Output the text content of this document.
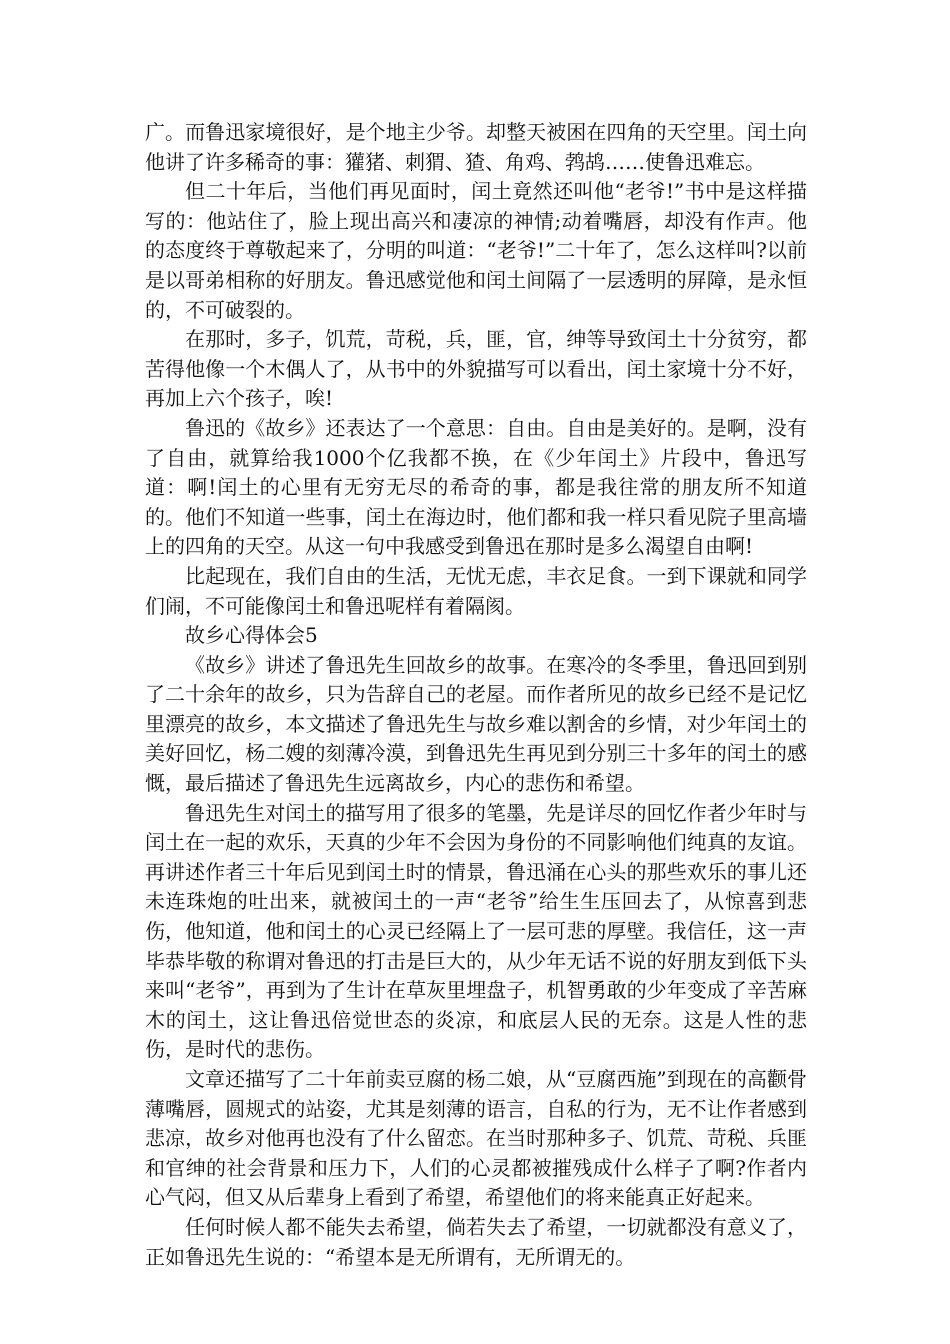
广。而鲁迅家境很好，是个地主少爷。却整天被困在四角的天空里。闰土向他讲了许多稀奇的事：獾猪、刺猬、猹、角鸡、鹁鸪……使鲁迅难忘。

但二十年后，当他们再见面时，闰土竟然还叫他“老爷!”书中是这样描写的：他站住了，脸上现出高兴和凄凉的神情;动着嘴唇，却没有作声。他的态度终于尊敬起来了，分明的叫道：“老爷!”二十年了，怎么这样叫?以前是以哥弟相称的好朋友。鲁迅感觉他和闰土间隔了一层透明的屏障，是永恒的，不可破裂的。

在那时，多子，饥荒，苛税，兵，匪，官，绅等导致闰土十分贫穷，都苦得他像一个木偶人了，从书中的外貌描写可以看出，闰土家境十分不好，再加上六个孩子，唉!

鲁迅的《故乡》还表达了一个意思：自由。自由是美好的。是啊，没有了自由，就算给我1000个亿我都不换，在《少年闰土》片段中，鲁迅写道：啊!闰土的心里有无穷无尽的希奇的事，都是我往常的朋友所不知道的。他们不知道一些事，闰土在海边时，他们都和我一样只看见院子里高墙上的四角的天空。从这一句中我感受到鲁迅在那时是多么渴望自由啊!

比起现在，我们自由的生活，无忧无虑，丰衣足食。一到下课就和同学们闹，不可能像闰土和鲁迅呢样有着隔阂。

故乡心得体会5

《故乡》讲述了鲁迅先生回故乡的故事。在寒冷的冬季里，鲁迅回到别了二十余年的故乡，只为告辞自己的老屋。而作者所见的故乡已经不是记忆里漂亮的故乡，本文描述了鲁迅先生与故乡难以割舍的乡情，对少年闰土的美好回忆，杨二嫂的刻薄冷漠，到鲁迅先生再见到分别三十多年的闰土的感慨，最后描述了鲁迅先生远离故乡，内心的悲伤和希望。

鲁迅先生对闰土的描写用了很多的笔墨，先是详尽的回忆作者少年时与闰土在一起的欢乐，天真的少年不会因为身份的不同影响他们纯真的友谊。再讲述作者三十年后见到闰土时的情景，鲁迅涌在心头的那些欢乐的事儿还未连珠炮的吐出来，就被闰土的一声“老爷”给生生压回去了，从惊喜到悲伤，他知道，他和闰土的心灵已经隔上了一层可悲的厚壁。我信任，这一声毕恭毕敬的称谓对鲁迅的打击是巨大的，从少年无话不说的好朋友到低下头来叫“老爷”，再到为了生计在草灰里埋盘子，机智勇敢的少年变成了辛苦麻木的闰土，这让鲁迅倍觉世态的炎凉，和底层人民的无奈。这是人性的悲伤，是时代的悲伤。

文章还描写了二十年前卖豆腐的杨二娘，从“豆腐西施”到现在的高颧骨薄嘴唇，圆规式的站姿，尤其是刻薄的语言，自私的行为，无不让作者感到悲凉，故乡对他再也没有了什么留恋。在当时那种多子、饥荒、苛税、兵匪和官绅的社会背景和压力下，人们的心灵都被摧残成什么样子了啊?作者内心气闷，但又从后辈身上看到了希望，希望他们的将来能真正好起来。

任何时候人都不能失去希望，倘若失去了希望，一切就都没有意义了，正如鲁迅先生说的：“希望本是无所谓有，无所谓无的。
